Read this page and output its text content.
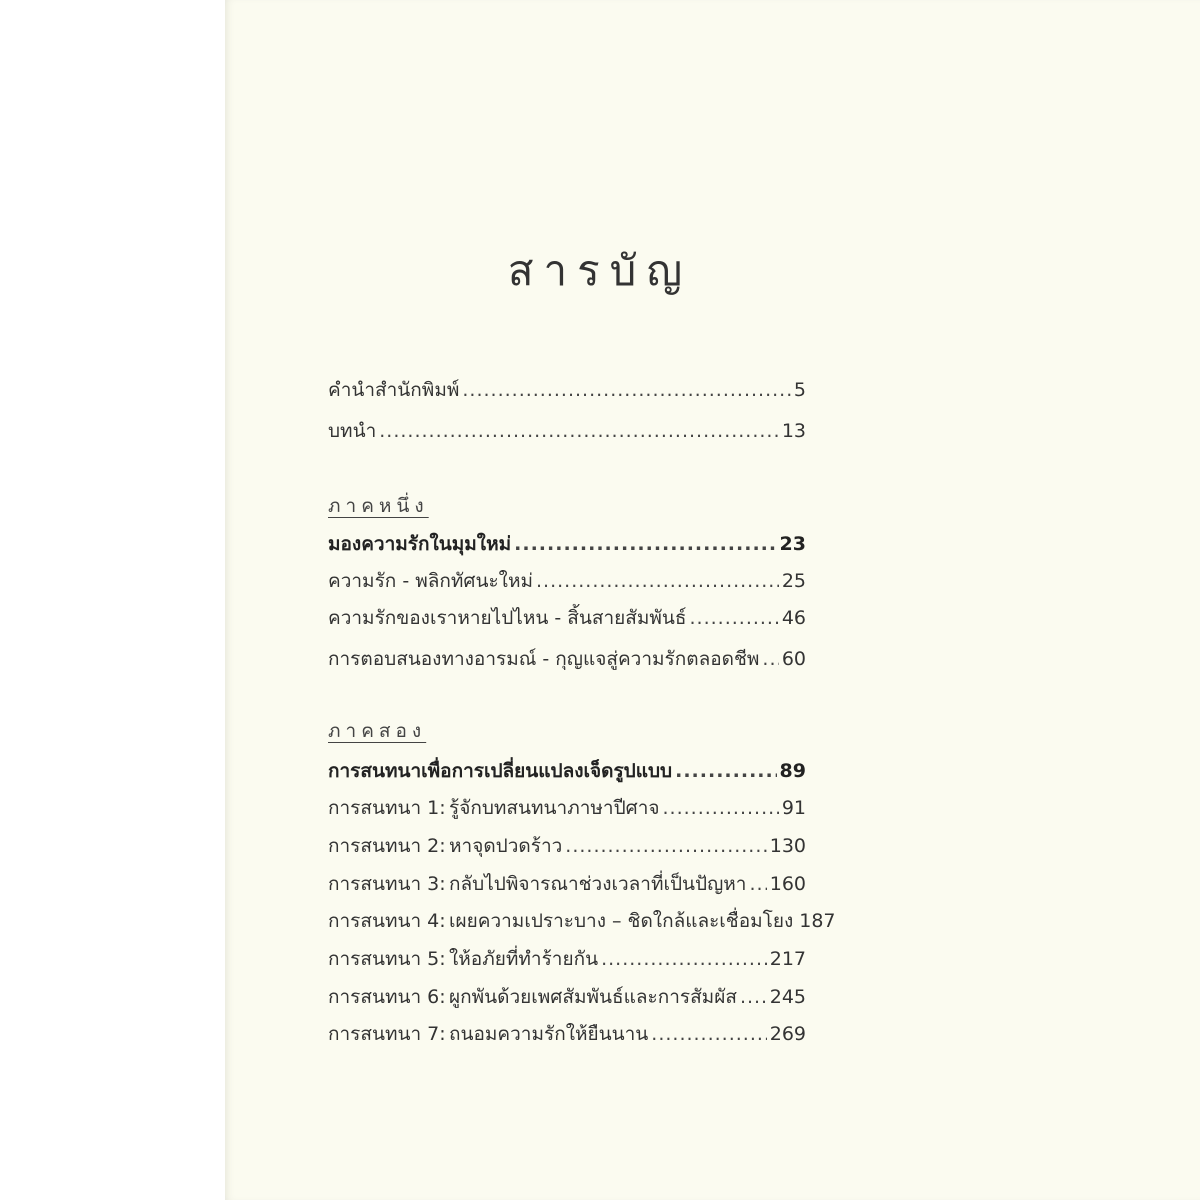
สารบัญ
คำนำสำนักพิมพ์ .....	5
บทนำ .....	13
ภาคหนึ่ง
มองความรักในมุมใหม่ .....	23
ความรัก - พลิกทัศนะใหม่ .....	25
ความรักของเราหายไปไหน - สิ้นสายสัมพันธ์ .....	46
การตอบสนองทางอารมณ์ - กุญแจสู่ความรักตลอดชีพ ..... 60
ภาคสอง
การสนทนาเพื่อการเปลี่ยนแปลงเจ็ดรูปแบบ .....	89
การสนทนา 1: รู้จักบทสนทนาภาษาปีศาจ .....	91
การสนทนา 2: หาจุดปวดร้าว .....	130
การสนทนา 3: กลับไปพิจารณาช่วงเวลาที่เป็นปัญหา ..... 160
การสนทนา 4: เผยความเปราะบาง – ชิดใกล้และเชื่อมโยง 187
การสนทนา 5: ให้อภัยที่ทำร้ายกัน .....	217
การสนทนา 6: ผูกพันด้วยเพศสัมพันธ์และการสัมผัส ..... 245
การสนทนา 7: ถนอมความรักให้ยืนนาน .....	269
